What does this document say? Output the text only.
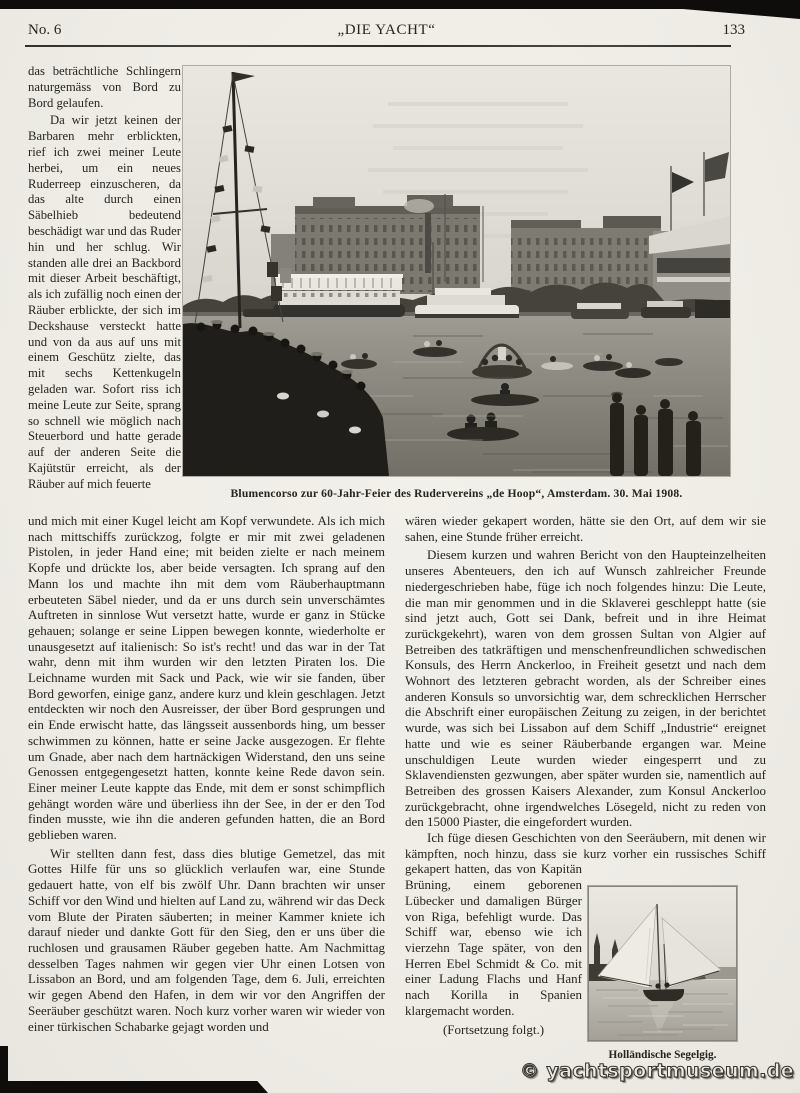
No. 6	„DIE YACHT“	133

das beträchtliche Schlingern naturgemäss von Bord zu Bord gelaufen.

Da wir jetzt keinen der Barbaren mehr erblickten, rief ich zwei meiner Leute herbei, um ein neues Ruderreep einzuscheren, da das alte durch einen Säbelhieb bedeutend beschädigt war und das Ruder hin und her schlug. Wir standen alle drei an Backbord mit dieser Arbeit beschäftigt, als ich zufällig noch einen der Räuber erblickte, der sich im Deckshause versteckt hatte und von da aus auf uns mit einem Geschütz zielte, das mit sechs Kettenkugeln geladen war. Sofort riss ich meine Leute zur Seite, sprang so schnell wie möglich nach Steuerbord und hatte gerade auf der anderen Seite die Kajütstür erreicht, als der Räuber auf mich feuerte

Blumencorso zur 60-Jahr-Feier des Rudervereins „de Hoop“, Amsterdam. 30. Mai 1908.

und mich mit einer Kugel leicht am Kopf verwundete. Als ich mich nach mittschiffs zurückzog, folgte er mir mit zwei geladenen Pistolen, in jeder Hand eine; mit beiden zielte er nach meinem Kopfe und drückte los, aber beide versagten. Ich sprang auf den Mann los und machte ihn mit dem vom Räuberhauptmann erbeuteten Säbel nieder, und da er uns durch sein unverschämtes Auftreten in sinnlose Wut versetzt hatte, wurde er ganz in Stücke gehauen; solange er seine Lippen bewegen konnte, wiederholte er unausgesetzt auf italienisch: So ist's recht! und das war in der Tat wahr, denn mit ihm wurden wir den letzten Piraten los. Die Leichname wurden mit Sack und Pack, wie wir sie fanden, über Bord geworfen, einige ganz, andere kurz und klein geschlagen. Jetzt entdeckten wir noch den Ausreisser, der über Bord gesprungen und ein Ende erwischt hatte, das längsseit aussenbords hing, um besser schwimmen zu können, hatte er seine Jacke ausgezogen. Er flehte um Gnade, aber nach dem hartnäckigen Widerstand, den uns seine Genossen entgegengesetzt hatten, konnte keine Rede davon sein. Einer meiner Leute kappte das Ende, mit dem er sonst schimpflich gehängt worden wäre und überliess ihn der See, in der er den Tod finden musste, wie ihn die anderen gefunden hatten, die an Bord geblieben waren.

Wir stellten dann fest, dass dies blutige Gemetzel, das mit Gottes Hilfe für uns so glücklich verlaufen war, eine Stunde gedauert hatte, von elf bis zwölf Uhr. Dann brachten wir unser Schiff vor den Wind und hielten auf Land zu, während wir das Deck vom Blute der Piraten säuberten; in meiner Kammer kniete ich darauf nieder und dankte Gott für den Sieg, den er uns über die ruchlosen und grausamen Räuber gegeben hatte. Am Nachmittag desselben Tages nahmen wir gegen vier Uhr einen Lotsen von Lissabon an Bord, und am folgenden Tage, dem 6. Juli, erreichten wir gegen Abend den Hafen, in dem wir vor den Angriffen der Seeräuber geschützt waren. Noch kurz vorher waren wir wieder von einer türkischen Schabarke gejagt worden und

wären wieder gekapert worden, hätte sie den Ort, auf dem wir sie sahen, eine Stunde früher erreicht.

Diesem kurzen und wahren Bericht von den Haupteinzelheiten unseres Abenteuers, den ich auf Wunsch zahlreicher Freunde niedergeschrieben habe, füge ich noch folgendes hinzu: Die Leute, die man mir genommen und in die Sklaverei geschleppt hatte (sie sind jetzt auch, Gott sei Dank, befreit und in ihre Heimat zurückgekehrt), waren von dem grossen Sultan von Algier auf Betreiben des tatkräftigen und menschenfreundlichen schwedischen Konsuls, des Herrn Anckerloo, in Freiheit gesetzt und nach dem Wohnort des letzteren gebracht worden, als der Schreiber eines anderen Konsuls so unvorsichtig war, dem schrecklichen Herrscher die Abschrift einer europäischen Zeitung zu zeigen, in der berichtet wurde, was sich bei Lissabon auf dem Schiff „Industrie“ ereignet hatte und wie es seiner Räuberbande ergangen war. Meine unschuldigen Leute wurden wieder eingesperrt und zu Sklavendiensten gezwungen, aber später wurden sie, namentlich auf Betreiben des grossen Kaisers Alexander, zum Konsul Anckerloo zurückgebracht, ohne irgendwelches Lösegeld, nicht zu reden von den 15000 Piaster, die eingefordert wurden.

Ich füge diesen Geschichten von den Seeräubern, mit denen wir kämpften, noch hinzu, dass sie kurz vorher ein russisches Schiff gekapert hatten, das von Kapitän Brüning, einem geborenen Lübecker und damaligen Bürger von Riga, befehligt wurde. Das Schiff war, ebenso wie ich vierzehn Tage später, von den Herren Ebel Schmidt & Co. mit einer Ladung Flachs und Hanf nach Korilla in Spanien klargemacht worden.

(Fortsetzung folgt.)

Holländische Segelgig.
© yachtsportmuseum.de
